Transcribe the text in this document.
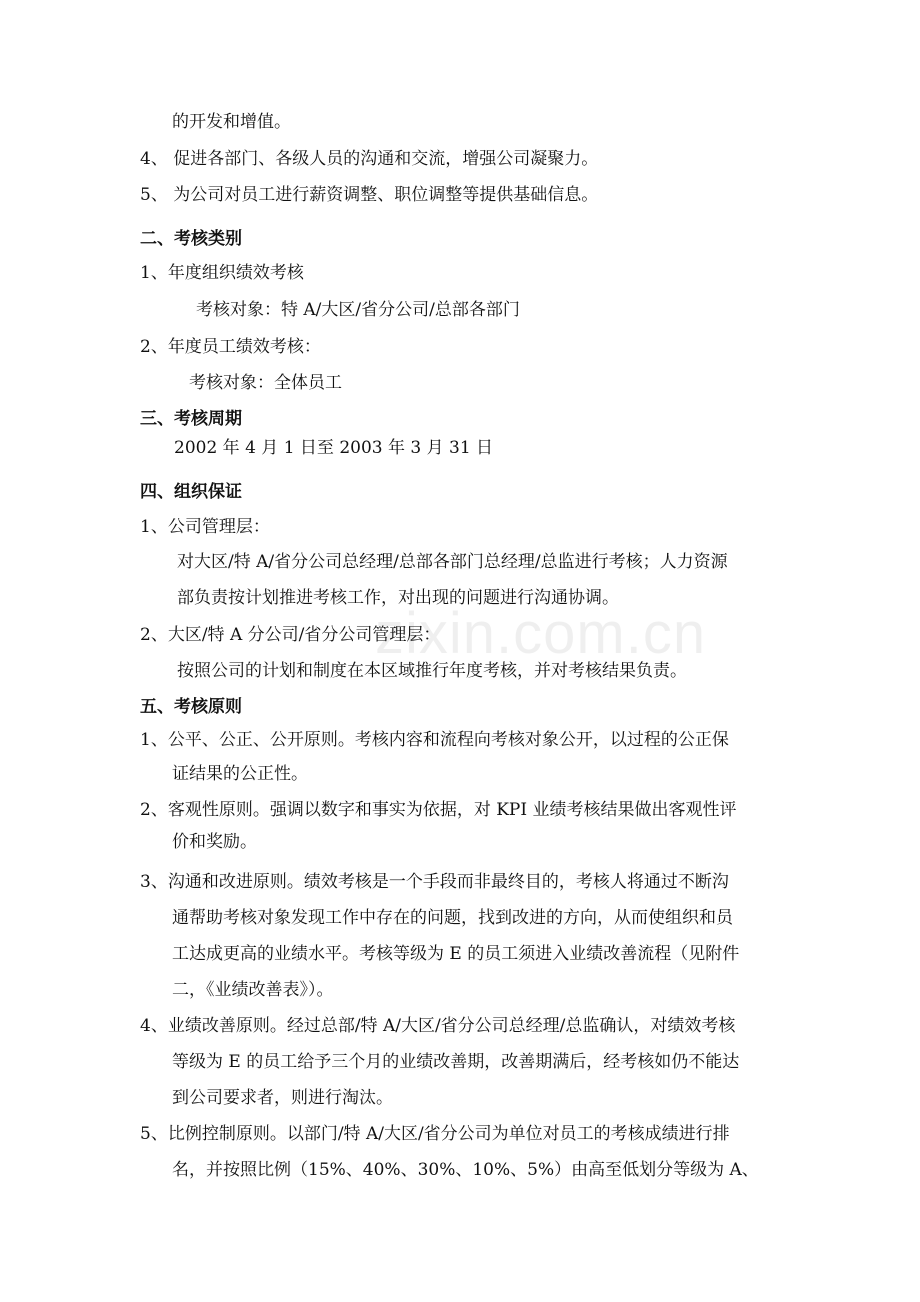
zixin.com.cn
的开发和增值。
4、 促进各部门、各级人员的沟通和交流，增强公司凝聚力。
5、 为公司对员工进行薪资调整、职位调整等提供基础信息。
二、考核类别
1、年度组织绩效考核
考核对象：特 A/大区/省分公司/总部各部门
2、年度员工绩效考核：
考核对象：全体员工
三、考核周期
2002 年 4 月 1 日至 2003 年 3 月 31 日
四、组织保证
1、公司管理层：
对大区/特 A/省分公司总经理/总部各部门总经理/总监进行考核；人力资源
部负责按计划推进考核工作，对出现的问题进行沟通协调。
2、大区/特 A 分公司/省分公司管理层：
按照公司的计划和制度在本区域推行年度考核，并对考核结果负责。
五、考核原则
1、公平、公正、公开原则。考核内容和流程向考核对象公开，以过程的公正保
证结果的公正性。
2、客观性原则。强调以数字和事实为依据，对 KPI 业绩考核结果做出客观性评
价和奖励。
3、沟通和改进原则。绩效考核是一个手段而非最终目的，考核人将通过不断沟
通帮助考核对象发现工作中存在的问题，找到改进的方向，从而使组织和员
工达成更高的业绩水平。考核等级为 E 的员工须进入业绩改善流程（见附件
二，《业绩改善表》）。
4、业绩改善原则。经过总部/特 A/大区/省分公司总经理/总监确认，对绩效考核
等级为 E 的员工给予三个月的业绩改善期，改善期满后，经考核如仍不能达
到公司要求者，则进行淘汰。
5、比例控制原则。以部门/特 A/大区/省分公司为单位对员工的考核成绩进行排
名，并按照比例（15%、40%、30%、10%、5%）由高至低划分等级为 A、
